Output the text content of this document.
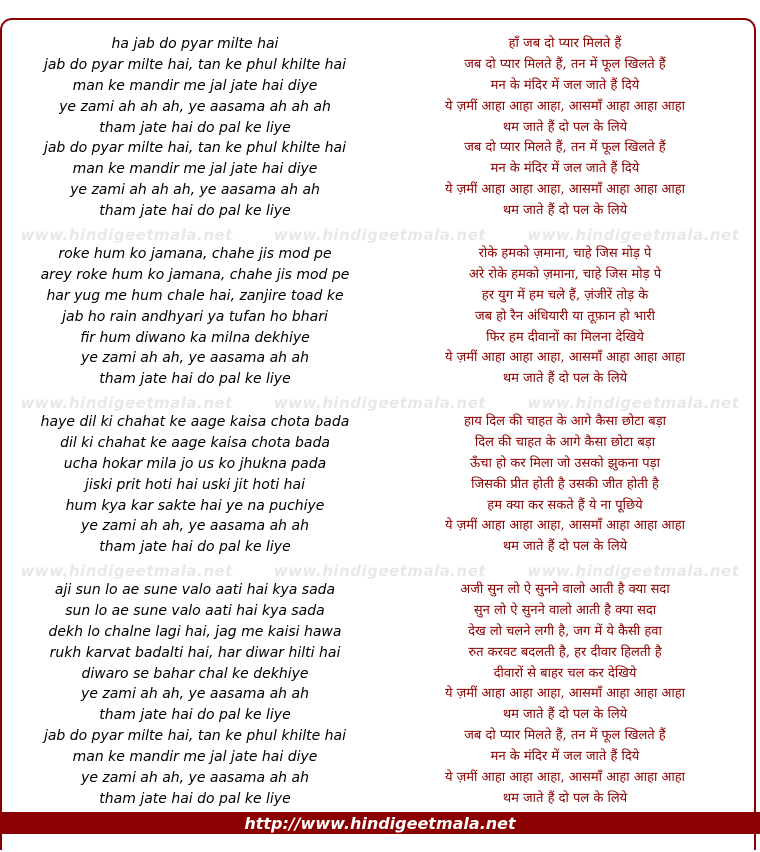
ha jab do pyar milte hai
jab do pyar milte hai, tan ke phul khilte hai
man ke mandir me jal jate hai diye
ye zami ah ah ah, ye aasama ah ah ah
tham jate hai do pal ke liye
jab do pyar milte hai, tan ke phul khilte hai
man ke mandir me jal jate hai diye
ye zami ah ah ah, ye aasama ah ah
tham jate hai do pal ke liye
हाँ जब दो प्यार मिलते हैं
जब दो प्यार मिलते हैं, तन में फूल खिलते हैं
मन के मंदिर में जल जाते हैं दिये
ये ज़मीं आहा आहा आहा, आसमाँ आहा आहा आहा
थम जाते हैं दो पल के लिये
जब दो प्यार मिलते हैं, तन में फूल खिलते हैं
मन के मंदिर में जल जाते हैं दिये
ये ज़मीं आहा आहा आहा, आसमाँ आहा आहा आहा
थम जाते हैं दो पल के लिये
roke hum ko jamana, chahe jis mod pe
arey roke hum ko jamana, chahe jis mod pe
har yug me hum chale hai, zanjire toad ke
jab ho rain andhyari ya tufan ho bhari
fir hum diwano ka milna dekhiye
ye zami ah ah, ye aasama ah ah
tham jate hai do pal ke liye
रोके हमको ज़माना, चाहे जिस मोड़ पे
अरे रोके हमको ज़माना, चाहे जिस मोड़ पे
हर युग में हम चले हैं, ज़ंजीरें तोड़ के
जब हो रैन अंधियारी या तूफ़ान हो भारी
फिर हम दीवानों का मिलना देखिये
ये ज़मीं आहा आहा आहा, आसमाँ आहा आहा आहा
थम जाते हैं दो पल के लिये
haye dil ki chahat ke aage kaisa chota bada
dil ki chahat ke aage kaisa chota bada
ucha hokar mila jo us ko jhukna pada
jiski prit hoti hai uski jit hoti hai
hum kya kar sakte hai ye na puchiye
ye zami ah ah, ye aasama ah ah
tham jate hai do pal ke liye
हाय दिल की चाहत के आगे कैसा छोटा बड़ा
दिल की चाहत के आगे कैसा छोटा बड़ा
ऊँचा हो कर मिला जो उसको झुकना पड़ा
जिसकी प्रीत होती है उसकी जीत होती है
हम क्या कर सकते हैं ये ना पूछिये
ये ज़मीं आहा आहा आहा, आसमाँ आहा आहा आहा
थम जाते हैं दो पल के लिये
aji sun lo ae sune valo aati hai kya sada
sun lo ae sune valo aati hai kya sada
dekh lo chalne lagi hai, jag me kaisi hawa
rukh karvat badalti hai, har diwar hilti hai
diwaro se bahar chal ke dekhiye
ye zami ah ah, ye aasama ah ah
tham jate hai do pal ke liye
jab do pyar milte hai, tan ke phul khilte hai
man ke mandir me jal jate hai diye
ye zami ah ah, ye aasama ah ah
tham jate hai do pal ke liye
अजी सुन लो ऐ सुनने वालो आती है क्या सदा
सुन लो ऐ सुनने वालो आती है क्या सदा
देख लो चलने लगी है, जग में ये कैसी हवा
रुत करवट बदलती है, हर दीवार हिलती है
दीवारों से बाहर चल कर देखिये
ये ज़मीं आहा आहा आहा, आसमाँ आहा आहा आहा
थम जाते हैं दो पल के लिये
जब दो प्यार मिलते हैं, तन में फूल खिलते हैं
मन के मंदिर में जल जाते हैं दिये
ये ज़मीं आहा आहा आहा, आसमाँ आहा आहा आहा
थम जाते हैं दो पल के लिये
www.hindigeetmala.net	www.hindigeetmala.net	www.hindigeetmala.net
www.hindigeetmala.net	www.hindigeetmala.net	www.hindigeetmala.net
www.hindigeetmala.net	www.hindigeetmala.net	www.hindigeetmala.net
http://www.hindigeetmala.net
